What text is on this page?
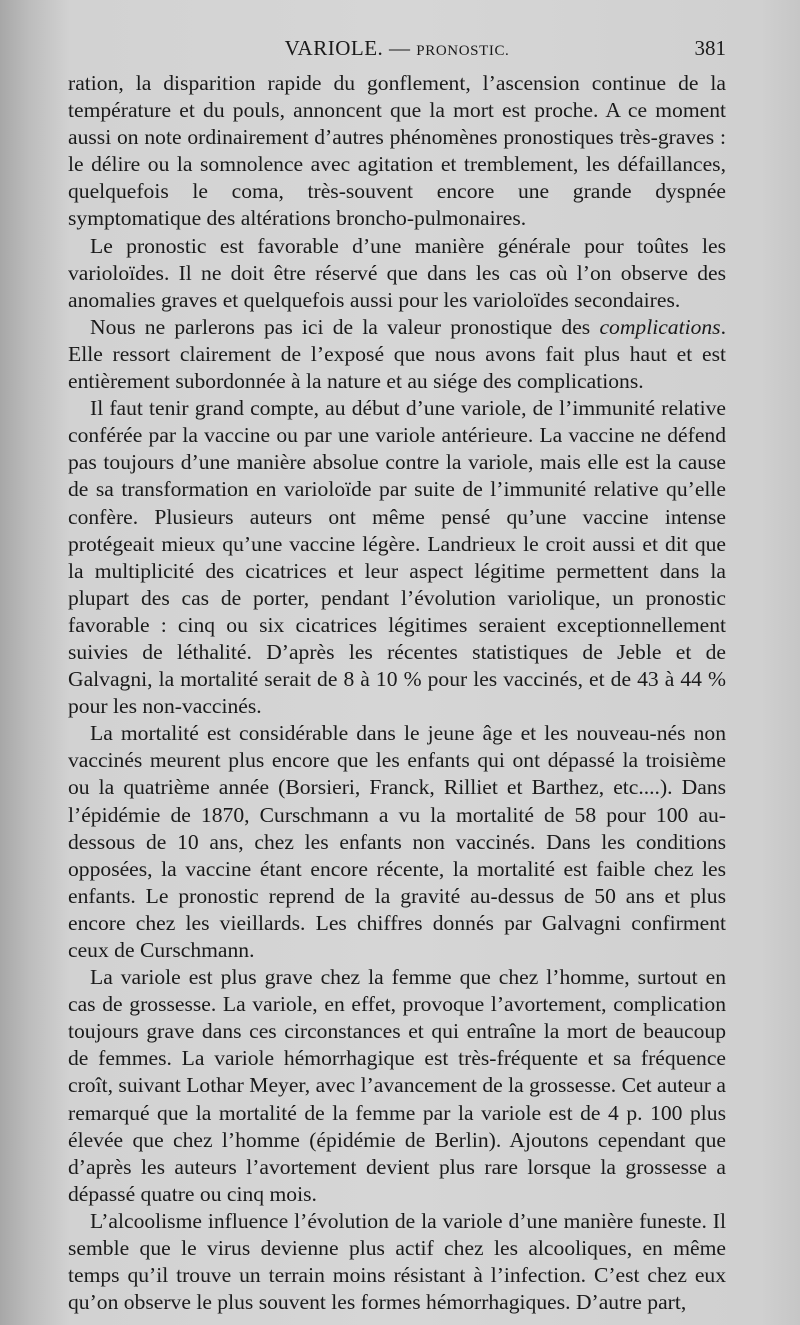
VARIOLE. — PRONOSTIC.	381

ration, la disparition rapide du gonflement, l’ascension continue de la température et du pouls, annoncent que la mort est proche. A ce moment aussi on note ordinairement d’autres phénomènes pronostiques très-graves : le délire ou la somnolence avec agitation et tremblement, les défaillances, quelquefois le coma, très-souvent encore une grande dyspnée symptomatique des altérations broncho-pulmonaires.

Le pronostic est favorable d’une manière générale pour toûtes les varioloïdes. Il ne doit être réservé que dans les cas où l’on observe des anomalies graves et quelquefois aussi pour les varioloïdes secondaires.

Nous ne parlerons pas ici de la valeur pronostique des complications. Elle ressort clairement de l’exposé que nous avons fait plus haut et est entièrement subordonnée à la nature et au siége des complications.

Il faut tenir grand compte, au début d’une variole, de l’immunité relative conférée par la vaccine ou par une variole antérieure. La vaccine ne défend pas toujours d’une manière absolue contre la variole, mais elle est la cause de sa transformation en varioloïde par suite de l’immunité relative qu’elle confère. Plusieurs auteurs ont même pensé qu’une vaccine intense protégeait mieux qu’une vaccine légère. Landrieux le croit aussi et dit que la multiplicité des cicatrices et leur aspect légitime permettent dans la plupart des cas de porter, pendant l’évolution variolique, un pronostic favorable : cinq ou six cicatrices légitimes seraient exceptionnellement suivies de léthalité. D’après les récentes statistiques de Jeble et de Galvagni, la mortalité serait de 8 à 10 % pour les vaccinés, et de 43 à 44 % pour les non-vaccinés.

La mortalité est considérable dans le jeune âge et les nouveau-nés non vaccinés meurent plus encore que les enfants qui ont dépassé la troisième ou la quatrième année (Borsieri, Franck, Rilliet et Barthez, etc....). Dans l’épidémie de 1870, Curschmann a vu la mortalité de 58 pour 100 au-dessous de 10 ans, chez les enfants non vaccinés. Dans les conditions opposées, la vaccine étant encore récente, la mortalité est faible chez les enfants. Le pronostic reprend de la gravité au-dessus de 50 ans et plus encore chez les vieillards. Les chiffres donnés par Galvagni confirment ceux de Curschmann.

La variole est plus grave chez la femme que chez l’homme, surtout en cas de grossesse. La variole, en effet, provoque l’avortement, complication toujours grave dans ces circonstances et qui entraîne la mort de beaucoup de femmes. La variole hémorrhagique est très-fréquente et sa fréquence croît, suivant Lothar Meyer, avec l’avancement de la grossesse. Cet auteur a remarqué que la mortalité de la femme par la variole est de 4 p. 100 plus élevée que chez l’homme (épidémie de Berlin). Ajoutons cependant que d’après les auteurs l’avortement devient plus rare lorsque la grossesse a dépassé quatre ou cinq mois.

L’alcoolisme influence l’évolution de la variole d’une manière funeste. Il semble que le virus devienne plus actif chez les alcooliques, en même temps qu’il trouve un terrain moins résistant à l’infection. C’est chez eux qu’on observe le plus souvent les formes hémorrhagiques. D’autre part,
